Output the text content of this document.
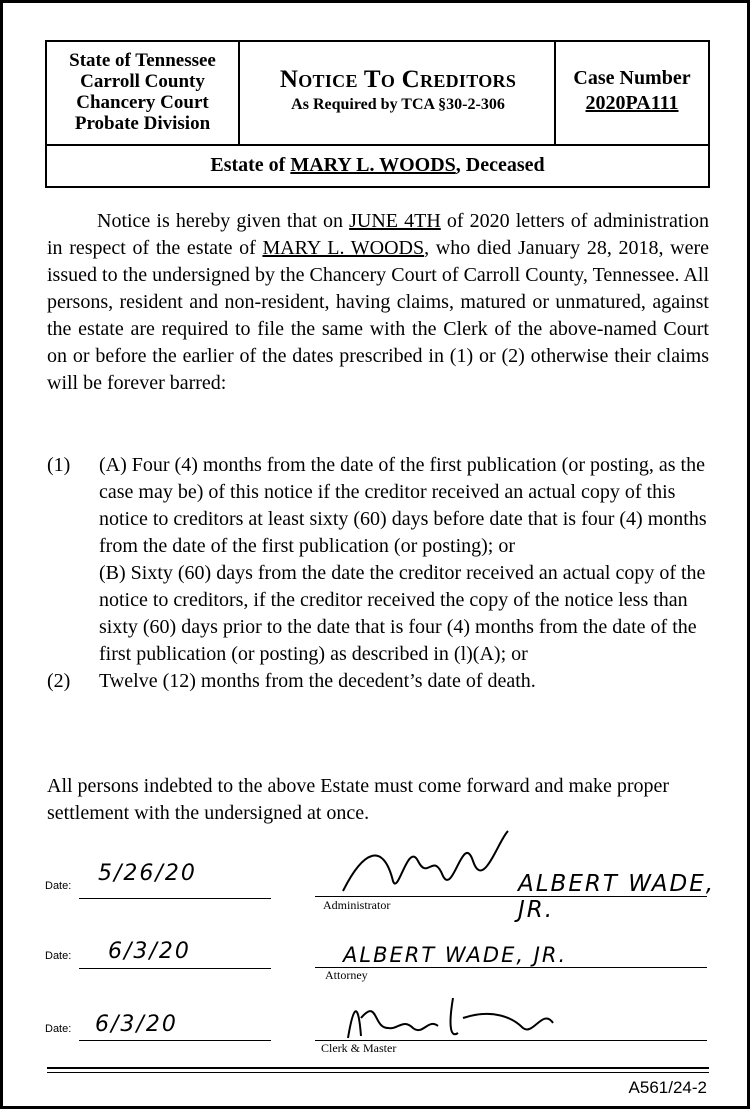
State of Tennessee
Carroll County
Chancery Court
Probate Division
Notice To Creditors
As Required by TCA §30-2-306
Case Number
2020PA111
Estate of MARY L. WOODS, Deceased

Notice is hereby given that on JUNE 4TH of 2020 letters of administration in respect of the estate of MARY L. WOODS, who died January 28, 2018, were issued to the undersigned by the Chancery Court of Carroll County, Tennessee. All persons, resident and non-resident, having claims, matured or unmatured, against the estate are required to file the same with the Clerk of the above-named Court on or before the earlier of the dates prescribed in (1) or (2) otherwise their claims will be forever barred:

(1) (A) Four (4) months from the date of the first publication (or posting, as the case may be) of this notice if the creditor received an actual copy of this notice to creditors at least sixty (60) days before date that is four (4) months from the date of the first publication (or posting); or
(B) Sixty (60) days from the date the creditor received an actual copy of the notice to creditors, if the creditor received the copy of the notice less than sixty (60) days prior to the date that is four (4) months from the date of the first publication (or posting) as described in (l)(A); or
(2) Twelve (12) months from the decedent’s date of death.

All persons indebted to the above Estate must come forward and make proper settlement with the undersigned at once.

Date: 5/26/20	ALBERT WADE, JR.
Administrator
Date: 6/3/20	ALBERT WADE, JR.
Attorney
Date: 6/3/20
Clerk & Master
A561/24-2
